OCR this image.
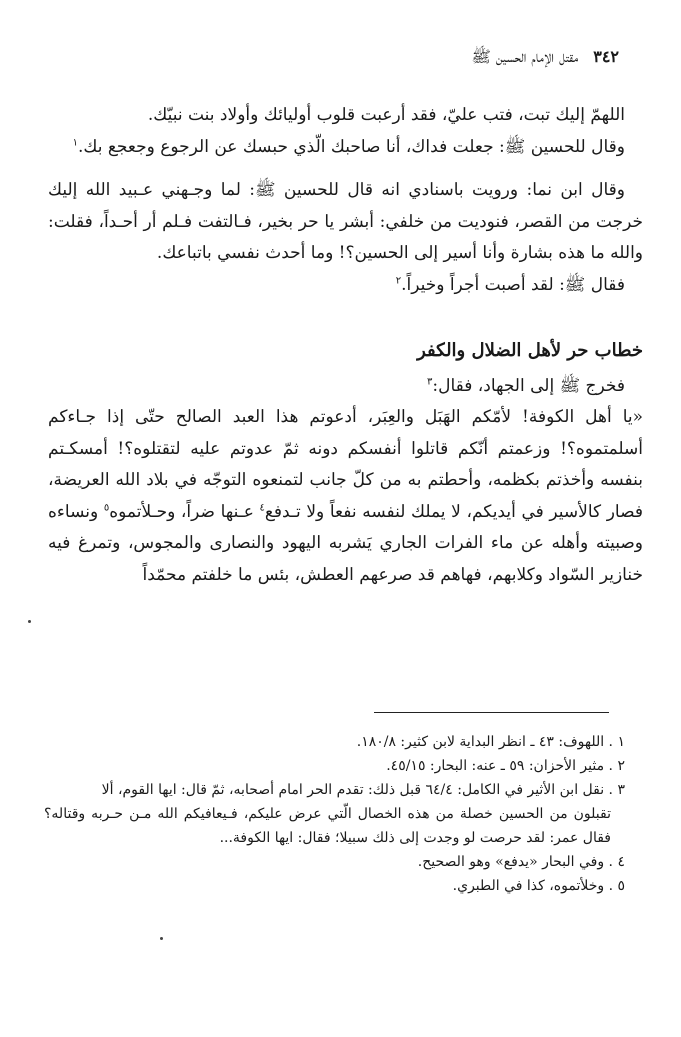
٣٤٢ مقتل الإمام الحسين ﷺ

اللهمّ إليك تبت، فتب عليّ، فقد أرعبت قلوب أوليائك وأولاد بنت نبيّك.

وقال للحسين ﷺ: جعلت فداك، أنا صاحبك الّذي حبسك عن الرجوع وجعجع بك.$^١$

وقال ابن نما: ورويت باسنادي انه قال للحسين ﷺ: لما وجـهني عـبيد الله إليك خرجت من القصر، فنوديت من خلفي: أبشر يا حر بخير، فـالتفت فـلم أر أحـداً، فقلت: والله ما هذه بشارة وأنا أسير إلى الحسين؟! وما أحدث نفسي باتباعك.

فقال ﷺ: لقد أصبت أجراً وخيراً.$^٢$

خطاب حر لأهل الضلال والكفر

فخرج ﷺ إلى الجهاد، فقال:$^٣$

«يا أهل الكوفة! لأمّكم الهَبَل والعِبَر، أدعوتم هذا العبد الصالح حتّى إذا جـاءكم أسلمتموه؟! وزعمتم أنّكم قاتلوا أنفسكم دونه ثمّ عدوتم عليه لتقتلوه؟! أمسكـتم بنفسه وأخذتم بكظمه، وأحطتم به من كلّ جانب لتمنعوه التوجّه في بلاد الله العريضة، فصار كالأسير في أيديكم، لا يملك لنفسه نفعاً ولا تـدفع$^٤$ عـنها ضراً، وحـلأتموه$^٥$ ونساءه وصبيته وأهله عن ماء الفرات الجاري يَشربه اليهود والنصارى والمجوس، وتمرغ فيه خنازير السّواد وكلابهم، فهاهم قد صرعهم العطش، بئس ما خلفتم محمّداً

١ . اللهوف: ٤٣ ـ انظر البداية لابن كثير: ١٨٠/٨.

٢ . مثير الأحزان: ٥٩ ـ عنه: البحار: ٤٥/١٥.

٣ . نقل ابن الأثير في الكامل: ٦٤/٤ قبل ذلك: تقدم الحر امام أصحابه، ثمّ قال: ايها القوم، ألا
تقبلون من الحسين خصلة من هذه الخصال الّتي عرض عليكم، فـيعافيكم الله مـن حـربه وقتاله؟ فقال عمر: لقد حرصت لو وجدت إلى ذلك سبيلا؛ فقال: ايها الكوفة...

٤ . وفي البحار «يدفع» وهو الصحيح.

٥ . وخلأتموه، كذا في الطبري.
